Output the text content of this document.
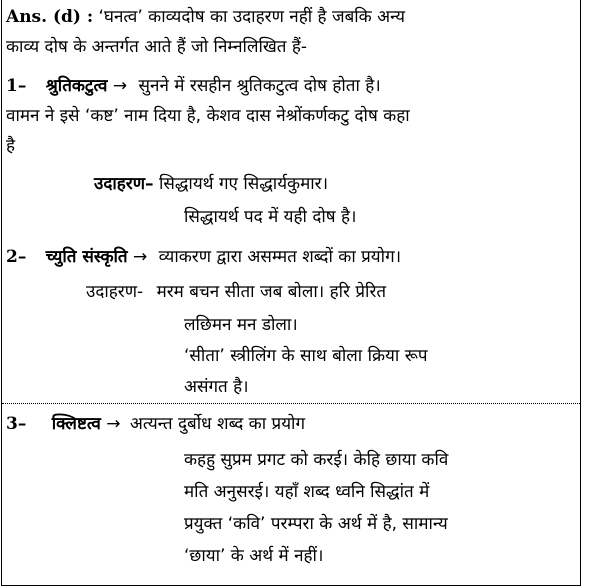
Ans. (d) : ‘घनत्व’ काव्यदोष का उदाहरण नहीं है जबकि अन्य
काव्य दोष के अन्तर्गत आते हैं जो निम्नलिखित हैं-
1– श्रुतिकटुत्व → सुनने में रसहीन श्रुतिकटुत्व दोष होता है।
वामन ने इसे ‘कष्ट’ नाम दिया है, केशव दास नेश्रोंकर्णकटु दोष कहा
है
उदाहरण– सिद्धायर्थ गए सिद्धार्यकुमार।
सिद्धायर्थ पद में यही दोष है।
2– च्युति संस्कृति → व्याकरण द्वारा असम्मत शब्दों का प्रयोग।
उदाहरण- मरम बचन सीता जब बोला। हरि प्रेरित
लछिमन मन डोला।
‘सीता’ स्त्रीलिंग के साथ बोला क्रिया रूप
असंगत है।
3– क्लिष्टत्व → अत्यन्त दुर्बोध शब्द का प्रयोग
कहहु सुप्रम प्रगट को करई। केहि छाया कवि
मति अनुसरई। यहाँ शब्द ध्वनि सिद्धांत में
प्रयुक्त ‘कवि’ परम्परा के अर्थ में है, सामान्य
‘छाया’ के अर्थ में नहीं।
